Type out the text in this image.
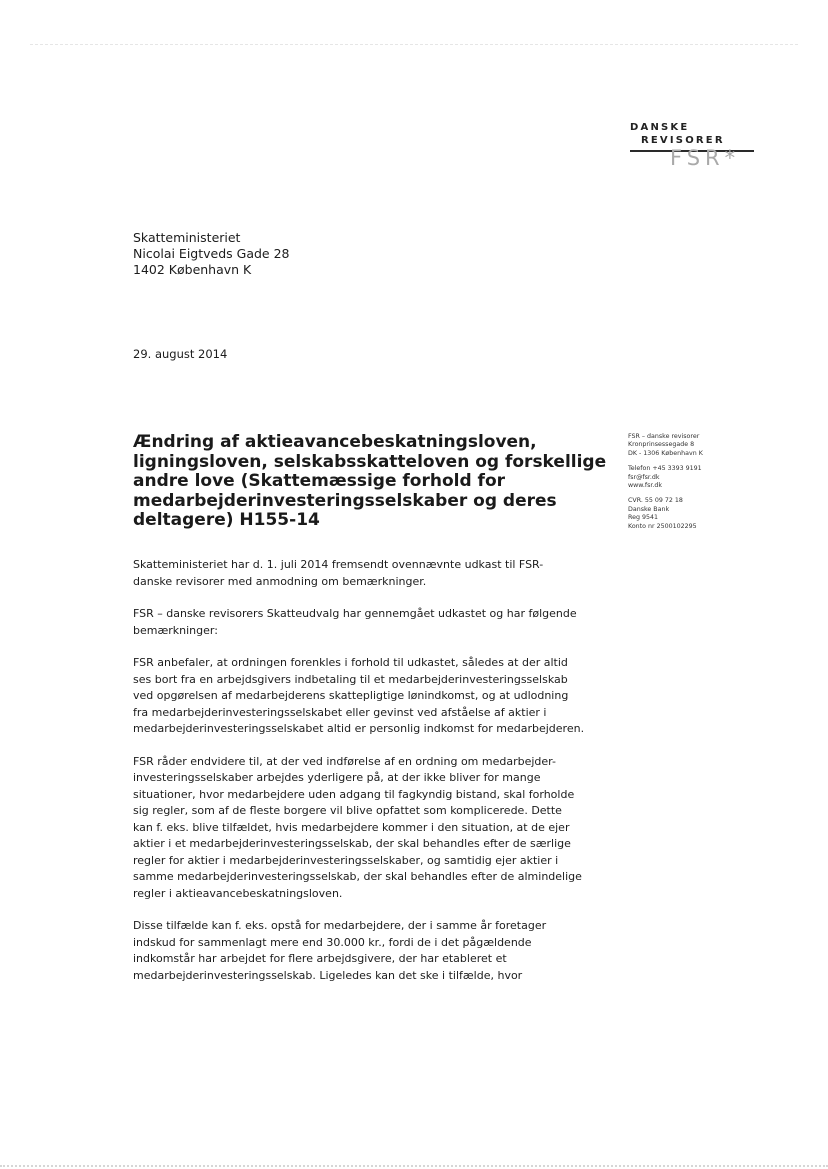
DANSKE
REVISORER
FSR*
Skatteministeriet
Nicolai Eigtveds Gade 28
1402 København K
29. august 2014
Ændring af aktieavancebeskatningsloven,
ligningsloven, selskabsskatteloven og forskellige
andre love (Skattemæssige forhold for
medarbejderinvesteringsselskaber og deres
deltagere) H155-14
FSR – danske revisorer
Kronprinsessegade 8
DK - 1306 København K
Telefon +45 3393 9191
fsr@fsr.dk
www.fsr.dk
CVR. 55 09 72 18
Danske Bank
Reg 9541
Konto nr 2500102295
Skatteministeriet har d. 1. juli 2014 fremsendt ovennævnte udkast til FSR-
danske revisorer med anmodning om bemærkninger.
FSR – danske revisorers Skatteudvalg har gennemgået udkastet og har følgende
bemærkninger:
FSR anbefaler, at ordningen forenkles i forhold til udkastet, således at der altid
ses bort fra en arbejdsgivers indbetaling til et medarbejderinvesteringsselskab
ved opgørelsen af medarbejderens skattepligtige lønindkomst, og at udlodning
fra medarbejderinvesteringsselskabet eller gevinst ved afståelse af aktier i
medarbejderinvesteringsselskabet altid er personlig indkomst for medarbejderen.
FSR råder endvidere til, at der ved indførelse af en ordning om medarbejder-
investeringsselskaber arbejdes yderligere på, at der ikke bliver for mange
situationer, hvor medarbejdere uden adgang til fagkyndig bistand, skal forholde
sig regler, som af de fleste borgere vil blive opfattet som komplicerede. Dette
kan f. eks. blive tilfældet, hvis medarbejdere kommer i den situation, at de ejer
aktier i et medarbejderinvesteringsselskab, der skal behandles efter de særlige
regler for aktier i medarbejderinvesteringsselskaber, og samtidig ejer aktier i
samme medarbejderinvesteringsselskab, der skal behandles efter de almindelige
regler i aktieavancebeskatningsloven.
Disse tilfælde kan f. eks. opstå for medarbejdere, der i samme år foretager
indskud for sammenlagt mere end 30.000 kr., fordi de i det pågældende
indkomstår har arbejdet for flere arbejdsgivere, der har etableret et
medarbejderinvesteringsselskab. Ligeledes kan det ske i tilfælde, hvor
